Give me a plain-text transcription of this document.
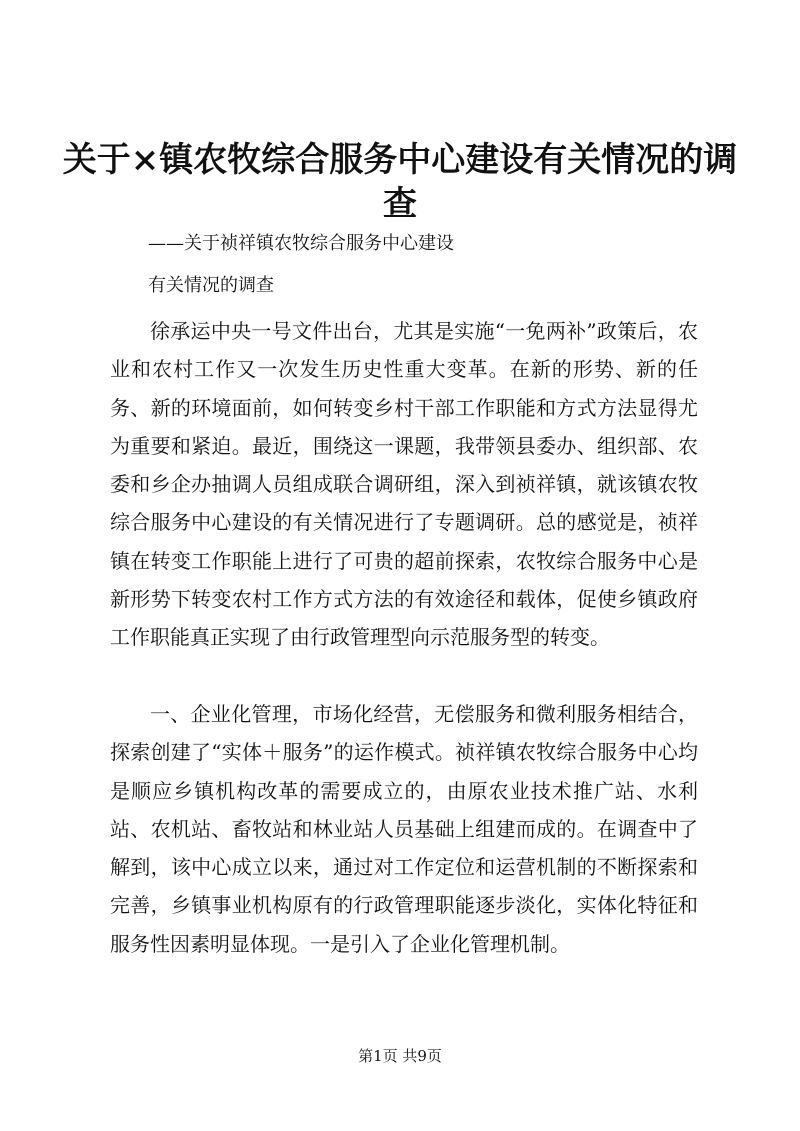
关于×镇农牧综合服务中心建设有关情况的调查

——关于祯祥镇农牧综合服务中心建设

有关情况的调查

徐承运中央一号文件出台，尤其是实施“一免两补”政策后，农业和农村工作又一次发生历史性重大变革。在新的形势、新的任务、新的环境面前，如何转变乡村干部工作职能和方式方法显得尤为重要和紧迫。最近，围绕这一课题，我带领县委办、组织部、农委和乡企办抽调人员组成联合调研组，深入到祯祥镇，就该镇农牧综合服务中心建设的有关情况进行了专题调研。总的感觉是，祯祥镇在转变工作职能上进行了可贵的超前探索，农牧综合服务中心是新形势下转变农村工作方式方法的有效途径和载体，促使乡镇政府工作职能真正实现了由行政管理型向示范服务型的转变。

一、企业化管理，市场化经营，无偿服务和微利服务相结合，探索创建了“实体＋服务”的运作模式。祯祥镇农牧综合服务中心均是顺应乡镇机构改革的需要成立的，由原农业技术推广站、水利站、农机站、畜牧站和林业站人员基础上组建而成的。在调查中了解到，该中心成立以来，通过对工作定位和运营机制的不断探索和完善，乡镇事业机构原有的行政管理职能逐步淡化，实体化特征和服务性因素明显体现。一是引入了企业化管理机制。

第1页 共9页
